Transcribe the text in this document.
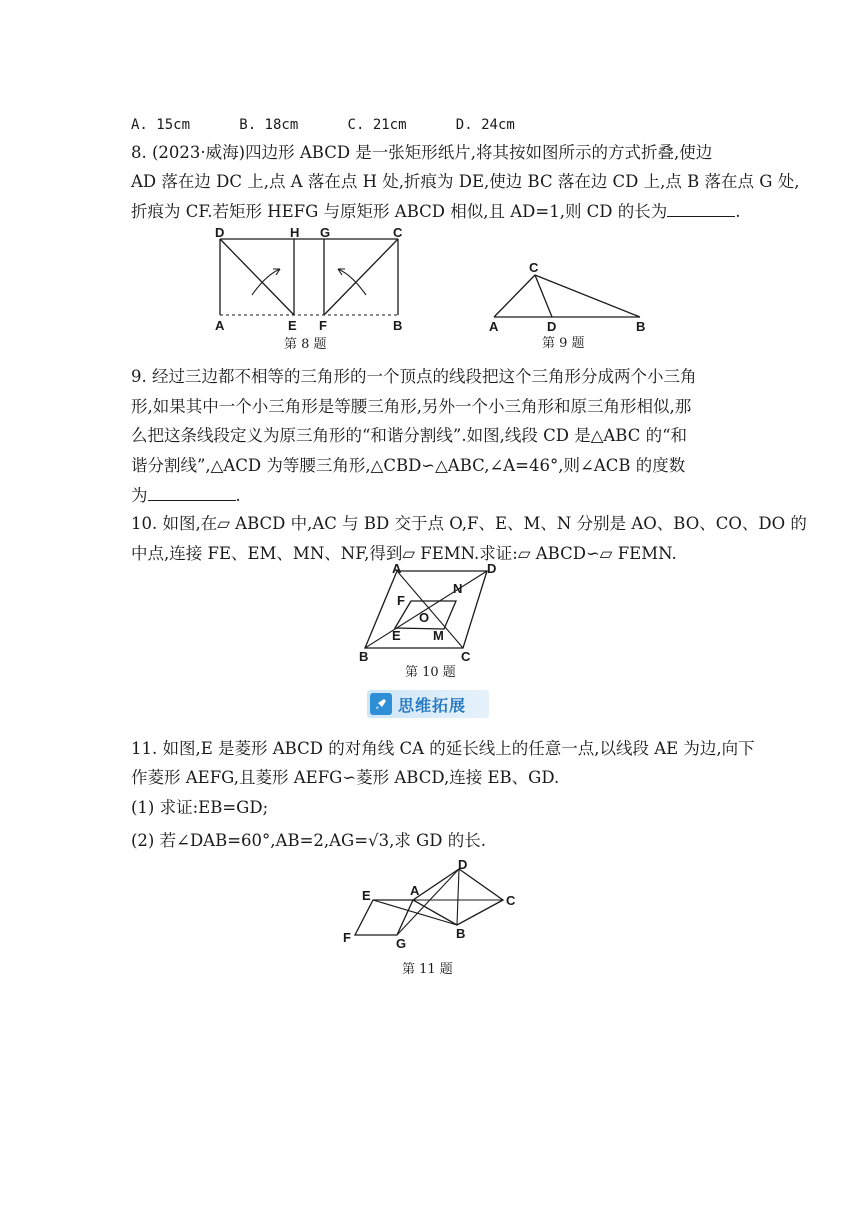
A. 15cm	B. 18cm	C. 21cm	D. 24cm
8. (2023·威海)四边形 ABCD 是一张矩形纸片,将其按如图所示的方式折叠,使边
AD 落在边 DC 上,点 A 落在点 H 处,折痕为 DE,使边 BC 落在边 CD 上,点 B 落在点 G 处,
折痕为 CF.若矩形 HEFG 与原矩形 ABCD 相似,且 AD=1,则 CD 的长为	.
D	H G	C
A	E F	B
第 8 题
C
A	D	B
第 9 题
9. 经过三边都不相等的三角形的一个顶点的线段把这个三角形分成两个小三角
形,如果其中一个小三角形是等腰三角形,另外一个小三角形和原三角形相似,那
么把这条线段定义为原三角形的“和谐分割线”.如图,线段 CD 是△ABC 的“和
谐分割线”,△ACD 为等腰三角形,△CBD∽△ABC,∠A=46°,则∠ACB 的度数
为	.
10. 如图,在▱ ABCD 中,AC 与 BD 交于点 O,F、E、M、N 分别是 AO、BO、CO、DO 的
中点,连接 FE、EM、MN、NF,得到▱ FEMN.求证:▱ ABCD∽▱ FEMN.
A	D
N
F
O
E M
B	C
第 10 题
思维拓展
11. 如图,E 是菱形 ABCD 的对角线 CA 的延长线上的任意一点,以线段 AE 为边,向下
作菱形 AEFG,且菱形 AEFG∽菱形 ABCD,连接 EB、GD.
(1) 求证:EB=GD;
(2) 若∠DAB=60°,AB=2,AG=√3,求 GD 的长.
D
E	A
C
B
F	G
第 11 题
